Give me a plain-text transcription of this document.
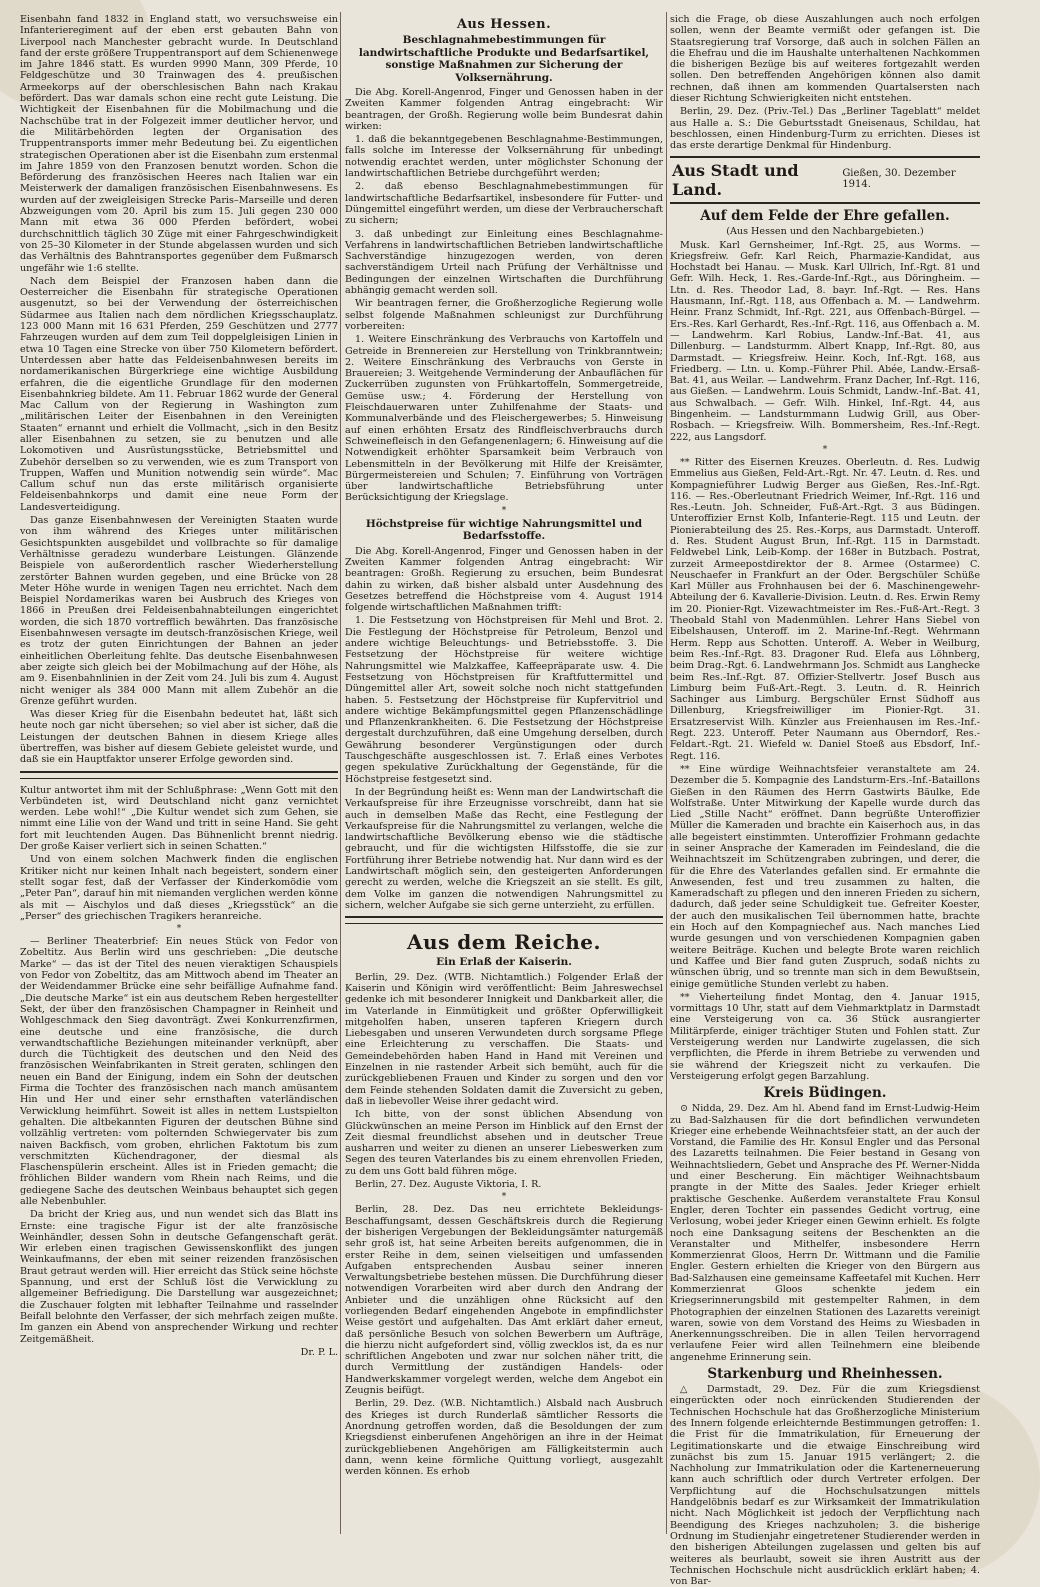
Eisenbahn fand 1832 in England statt, wo versuchsweise ein Infanterieregiment auf der eben erst gebauten Bahn von Liverpool nach Manchester gebracht wurde. In Deutschland fand der erste größere Truppentransport auf dem Schienenwege im Jahre 1846 statt. Es wurden 9990 Mann, 309 Pferde, 10 Feldgeschütze und 30 Trainwagen des 4. preußischen Armeekorps auf der oberschlesischen Bahn nach Krakau befördert. Das war damals schon eine recht gute Leistung. Die Wichtigkeit der Eisenbahnen für die Mobilmachung und die Nachschübe trat in der Folgezeit immer deutlicher hervor, und die Militärbehörden legten der Organisation des Truppentransports immer mehr Bedeutung bei. Zu eigentlichen strategischen Operationen aber ist die Eisenbahn zum erstenmal im Jahre 1859 von den Franzosen benutzt worden. Schon die Beförderung des französischen Heeres nach Italien war ein Meisterwerk der damaligen französischen Eisenbahnwesens. Es wurden auf der zweigleisigen Strecke Paris–Marseille und deren Abzweigungen vom 20. April bis zum 15. Juli gegen 230 000 Mann mit etwa 36 000 Pferden befördert, wobei durchschnittlich täglich 30 Züge mit einer Fahrgeschwindigkeit von 25–30 Kilometer in der Stunde abgelassen wurden und sich das Verhältnis des Bahntransportes gegenüber dem Fußmarsch ungefähr wie 1:6 stellte.

Nach dem Beispiel der Franzosen haben dann die Oesterreicher die Eisenbahn für strategische Operationen ausgenutzt, so bei der Verwendung der österreichischen Südarmee aus Italien nach dem nördlichen Kriegsschauplatz. 123 000 Mann mit 16 631 Pferden, 259 Geschützen und 2777 Fahrzeugen wurden auf dem zum Teil doppelgleisigen Linien in etwa 10 Tagen eine Strecke von über 750 Kilometern befördert. Unterdessen aber hatte das Feldeisenbahnwesen bereits im nordamerikanischen Bürgerkriege eine wichtige Ausbildung erfahren, die die eigentliche Grundlage für den modernen Eisenbahnkrieg bildete. Am 11. Februar 1862 wurde der General Mac Callum von der Regierung in Washington zum „militärischen Leiter der Eisenbahnen in den Vereinigten Staaten“ ernannt und erhielt die Vollmacht, „sich in den Besitz aller Eisenbahnen zu setzen, sie zu benutzen und alle Lokomotiven und Ausrüstungsstücke, Betriebsmittel und Zubehör derselben so zu verwenden, wie es zum Transport von Truppen, Waffen und Munition notwendig sein würde“. Mac Callum schuf nun das erste militärisch organisierte Feldeisenbahnkorps und damit eine neue Form der Landesverteidigung.

Das ganze Eisenbahnwesen der Vereinigten Staaten wurde von ihm während des Krieges unter militärischen Gesichtspunkten ausgebildet und vollbrachte so für damalige Verhältnisse geradezu wunderbare Leistungen. Glänzende Beispiele von außerordentlich rascher Wiederherstellung zerstörter Bahnen wurden gegeben, und eine Brücke von 28 Meter Höhe wurde in wenigen Tagen neu errichtet. Nach dem Beispiel Nordamerikas waren bei Ausbruch des Krieges von 1866 in Preußen drei Feldeisenbahnabteilungen eingerichtet worden, die sich 1870 vortrefflich bewährten. Das französische Eisenbahnwesen versagte im deutsch-französischen Kriege, weil es trotz der guten Einrichtungen der Bahnen an jeder einheitlichen Oberleitung fehlte. Das deutsche Eisenbahnwesen aber zeigte sich gleich bei der Mobilmachung auf der Höhe, als am 9. Eisenbahnlinien in der Zeit vom 24. Juli bis zum 4. August nicht weniger als 384 000 Mann mit allem Zubehör an die Grenze geführt wurden.

Was dieser Krieg für die Eisenbahn bedeutet hat, läßt sich heute noch gar nicht übersehen; so viel aber ist sicher, daß die Leistungen der deutschen Bahnen in diesem Kriege alles übertreffen, was bisher auf diesem Gebiete geleistet wurde, und daß sie ein Hauptfaktor unserer Erfolge geworden sind.

Kultur antwortet ihm mit der Schlußphrase: „Wenn Gott mit den Verbündeten ist, wird Deutschland nicht ganz vernichtet werden. Lebe wohl!“ „Die Kultur wendet sich zum Gehen, sie nimmt eine Lilie von der Wand und tritt in seine Hand. Sie geht fort mit leuchtenden Augen. Das Bühnenlicht brennt niedrig. Der große Kaiser verliert sich in seinen Schatten.“

Und von einem solchen Machwerk finden die englischen Kritiker nicht nur keinen Inhalt nach begeistert, sondern einer stellt sogar fest, daß der Verfasser der Kinderkomödie vom „Peter Pan“, darauf hin mit niemanden verglichen werden könne als mit — Aischylos und daß dieses „Kriegsstück“ an die „Perser“ des griechischen Tragikers heranreiche.

*

— Berliner Theaterbrief: Ein neues Stück von Fedor von Zobeltitz. Aus Berlin wird uns geschrieben: „Die deutsche Marke“ — das ist der Titel des neuen vieraktigen Schauspiels von Fedor von Zobeltitz, das am Mittwoch abend im Theater an der Weidendammer Brücke eine sehr beifällige Aufnahme fand. „Die deutsche Marke“ ist ein aus deutschem Reben hergestellter Sekt, der über den französischen Champagner in Reinheit und Wohlgeschmack den Sieg davonträgt. Zwei Konkurrenzfirmen, eine deutsche und eine französische, die durch verwandtschaftliche Beziehungen miteinander verknüpft, aber durch die Tüchtigkeit des deutschen und den Neid des französischen Weinfabrikanten in Streit geraten, schlingen den neuen ein Band der Einigung, indem ein Sohn der deutschen Firma die Tochter des französischen nach manch amüsantem Hin und Her und einer sehr ernsthaften vaterländischen Verwicklung heimführt. Soweit ist alles in nettem Lustspielton gehalten. Die altbekannten Figuren der deutschen Bühne sind vollzählig vertreten: vom polternden Schwiegervater bis zum naiven Backfisch, vom groben, ehrlichen Faktotum bis zum verschmitzten Küchendragoner, der diesmal als Flaschenspülerin erscheint. Alles ist in Frieden gemacht; die fröhlichen Bilder wandern vom Rhein nach Reims, und die gediegene Sache des deutschen Weinbaus behauptet sich gegen alle Nebenbuhler.

Da bricht der Krieg aus, und nun wendet sich das Blatt ins Ernste: eine tragische Figur ist der alte französische Weinhändler, dessen Sohn in deutsche Gefangenschaft gerät. Wir erleben einen tragischen Gewissenskonflikt des jungen Weinkaufmanns, der eben mit seiner reizenden französischen Braut getraut werden will. Hier erreicht das Stück seine höchste Spannung, und erst der Schluß löst die Verwicklung zu allgemeiner Befriedigung. Die Darstellung war ausgezeichnet; die Zuschauer folgten mit lebhafter Teilnahme und rasselnder Beifall belohnte den Verfasser, der sich mehrfach zeigen mußte. Im ganzen ein Abend von ansprechender Wirkung und rechter Zeitgemäßheit.

Dr. P. L.

Aus Hessen.
Beschlagnahmebestimmungen für landwirtschaftliche Produkte und Bedarfsartikel, sonstige Maßnahmen zur Sicherung der Volksernährung.

Die Abg. Korell-Angenrod, Finger und Genossen haben in der Zweiten Kammer folgenden Antrag eingebracht: Wir beantragen, der Großh. Regierung wolle beim Bundesrat dahin wirken:

1. daß die bekanntgegebenen Beschlagnahme-Bestimmungen, falls solche im Interesse der Volksernährung für unbedingt notwendig erachtet werden, unter möglichster Schonung der landwirtschaftlichen Betriebe durchgeführt werden;

2. daß ebenso Beschlagnahmebestimmungen für landwirtschaftliche Bedarfsartikel, insbesondere für Futter- und Düngemittel eingeführt werden, um diese der Verbraucherschaft zu sichern;

3. daß unbedingt zur Einleitung eines Beschlagnahme-Verfahrens in landwirtschaftlichen Betrieben landwirtschaftliche Sachverständige hinzugezogen werden, von deren sachverständigem Urteil nach Prüfung der Verhältnisse und Bedingungen der einzelnen Wirtschaften die Durchführung abhängig gemacht werden soll.

Wir beantragen ferner, die Großherzogliche Regierung wolle selbst folgende Maßnahmen schleunigst zur Durchführung vorbereiten:

1. Weitere Einschränkung des Verbrauchs von Kartoffeln und Getreide in Brennereien zur Herstellung von Trinkbranntwein; 2. Weitere Einschränkung des Verbrauchs von Gerste in Brauereien; 3. Weitgehende Verminderung der Anbauflächen für Zuckerrüben zugunsten von Frühkartoffeln, Sommergetreide, Gemüse usw.; 4. Förderung der Herstellung von Fleischdauerwaren unter Zuhilfenahme der Staats- und Kommunalverbände und des Fleischergewerbes; 5. Hinweisung auf einen erhöhten Ersatz des Rindfleischverbrauchs durch Schweinefleisch in den Gefangenenlagern; 6. Hinweisung auf die Notwendigkeit erhöhter Sparsamkeit beim Verbrauch von Lebensmitteln in der Bevölkerung mit Hilfe der Kreisämter, Bürgermeistereien und Schulen; 7. Einführung von Vorträgen über landwirtschaftliche Betriebsführung unter Berücksichtigung der Kriegslage.

*
Höchstpreise für wichtige Nahrungsmittel und Bedarfsstoffe.

Die Abg. Korell-Angenrod, Finger und Genossen haben in der Zweiten Kammer folgenden Antrag eingebracht: Wir beantragen: Großh. Regierung zu ersuchen, beim Bundesrat dahin zu wirken, daß bisher alsbald unter Ausdehnung des Gesetzes betreffend die Höchstpreise vom 4. August 1914 folgende wirtschaftlichen Maßnahmen trifft:

1. Die Festsetzung von Höchstpreisen für Mehl und Brot. 2. Die Festlegung der Höchstpreise für Petroleum, Benzol und andere wichtige Beleuchtungs- und Betriebsstoffe. 3. Die Festsetzung der Höchstpreise für weitere wichtige Nahrungsmittel wie Malzkaffee, Kaffeepräparate usw. 4. Die Festsetzung von Höchstpreisen für Kraftfuttermittel und Düngemittel aller Art, soweit solche noch nicht stattgefunden haben. 5. Festsetzung der Höchstpreise für Kupfervitriol und andere wichtige Bekämpfungsmittel gegen Pflanzenschädlinge und Pflanzenkrankheiten. 6. Die Festsetzung der Höchstpreise dergestalt durchzuführen, daß eine Umgehung derselben, durch Gewährung besonderer Vergünstigungen oder durch Tauschgeschäfte ausgeschlossen ist. 7. Erlaß eines Verbotes gegen spekulative Zurückhaltung der Gegenstände, für die Höchstpreise festgesetzt sind.

In der Begründung heißt es: Wenn man der Landwirtschaft die Verkaufspreise für ihre Erzeugnisse vorschreibt, dann hat sie auch in demselben Maße das Recht, eine Festlegung der Verkaufspreise für die Nahrungsmittel zu verlangen, welche die landwirtschaftliche Bevölkerung ebenso wie die städtische gebraucht, und für die wichtigsten Hilfsstoffe, die sie zur Fortführung ihrer Betriebe notwendig hat. Nur dann wird es der Landwirtschaft möglich sein, den gesteigerten Anforderungen gerecht zu werden, welche die Kriegszeit an sie stellt. Es gilt, dem Volke im ganzen die notwendigen Nahrungsmittel zu sichern, welcher Aufgabe sie sich gerne unterzieht, zu erfüllen.

Aus dem Reiche.
Ein Erlaß der Kaiserin.

Berlin, 29. Dez. (WTB. Nichtamtlich.) Folgender Erlaß der Kaiserin und Königin wird veröffentlicht: Beim Jahreswechsel gedenke ich mit besonderer Innigkeit und Dankbarkeit aller, die im Vaterlande in Einmütigkeit und größter Opferwilligkeit mitgeholfen haben, unseren tapferen Kriegern durch Liebesgaben und unseren Verwundeten durch sorgsame Pflege eine Erleichterung zu verschaffen. Die Staats- und Gemeindebehörden haben Hand in Hand mit Vereinen und Einzelnen in nie rastender Arbeit sich bemüht, auch für die zurückgebliebenen Frauen und Kinder zu sorgen und den vor dem Feinde stehenden Soldaten damit die Zuversicht zu geben, daß in liebevoller Weise ihrer gedacht wird.

Ich bitte, von der sonst üblichen Absendung von Glückwünschen an meine Person im Hinblick auf den Ernst der Zeit diesmal freundlichst absehen und in deutscher Treue ausharren und weiter zu dienen an unserer Liebeswerken zum Segen des teuren Vaterlandes bis zu einem ehrenvollen Frieden, zu dem uns Gott bald führen möge.

Berlin, 27. Dez. Auguste Viktoria, I. R.

*

Berlin, 28. Dez. Das neu errichtete Bekleidungs-Beschaffungsamt, dessen Geschäftskreis durch die Regierung der bisherigen Vergebungen der Bekleidungsämter naturgemäß sehr groß ist, hat seine Arbeiten bereits aufgenommen, die in erster Reihe in dem, seinen vielseitigen und umfassenden Aufgaben entsprechenden Ausbau seiner inneren Verwaltungsbetriebe bestehen müssen. Die Durchführung dieser notwendigen Vorarbeiten wird aber durch den Andrang der Anbieter und die unzähligen ohne Rücksicht auf den vorliegenden Bedarf eingehenden Angebote in empfindlichster Weise gestört und aufgehalten. Das Amt erklärt daher erneut, daß persönliche Besuch von solchen Bewerbern um Aufträge, die hierzu nicht aufgefordert sind, völlig zwecklos ist, da es nur schriftlichen Angeboten und zwar nur solchen näher tritt, die durch Vermittlung der zuständigen Handels- oder Handwerkskammer vorgelegt werden, welche dem Angebot ein Zeugnis beifügt.

Berlin, 29. Dez. (W.B. Nichtamtlich.) Alsbald nach Ausbruch des Krieges ist durch Runderlaß sämtlicher Ressorts die Anordnung getroffen worden, daß die Besoldungen der zum Kriegsdienst einberufenen Angehörigen an ihre in der Heimat zurückgebliebenen Angehörigen am Fälligkeitstermin auch dann, wenn keine förmliche Quittung vorliegt, ausgezahlt werden können. Es erhob

sich die Frage, ob diese Auszahlungen auch noch erfolgen sollen, wenn der Beamte vermißt oder gefangen ist. Die Staatsregierung traf Vorsorge, daß auch in solchen Fällen an die Ehefrau und die im Haushalte unterhaltenen Nachkommen die bisherigen Bezüge bis auf weiteres fortgezahlt werden sollen. Den betreffenden Angehörigen können also damit rechnen, daß ihnen am kommenden Quartalsersten nach dieser Richtung Schwierigkeiten nicht entstehen.

Berlin, 29. Dez. (Priv.-Tel.) Das „Berliner Tageblatt“ meldet aus Halle a. S.: Die Geburtsstadt Gneisenaus, Schildau, hat beschlossen, einen Hindenburg-Turm zu errichten. Dieses ist das erste derartige Denkmal für Hindenburg.

Aus Stadt und Land.
Gießen, 30. Dezember 1914.
Auf dem Felde der Ehre gefallen.
(Aus Hessen und den Nachbargebieten.)

Musk. Karl Gernsheimer, Inf.-Rgt. 25, aus Worms. — Kriegsfreiw. Gefr. Karl Reich, Pharmazie-Kandidat, aus Hochstadt bei Hanau. — Musk. Karl Ullrich, Inf.-Rgt. 81 und Gefr. Wilh. Heck, 1. Res.-Garde-Inf.-Rgt., aus Döringheim. — Ltn. d. Res. Theodor Lad, 8. bayr. Inf.-Rgt. — Res. Hans Hausmann, Inf.-Rgt. 118, aus Offenbach a. M. — Landwehrm. Heinr. Franz Schmidt, Inf.-Rgt. 221, aus Offenbach-Bürgel. — Ers.-Res. Karl Gerhardt, Res.-Inf.-Rgt. 116, aus Offenbach a. M. — Landwehrm. Karl Robius, Landw.-Inf.-Bat. 41, aus Dillenburg. — Landsturmm. Albert Knapp, Inf.-Rgt. 80, aus Darmstadt. — Kriegsfreiw. Heinr. Koch, Inf.-Rgt. 168, aus Friedberg. — Ltn. u. Komp.-Führer Phil. Abée, Landw.-Ersaß-Bat. 41, aus Weilar. — Landwehrm. Franz Dacher, Inf.-Rgt. 116, aus Gießen. — Landwehrm. Louis Schmidt, Landw.-Inf.-Bat. 41, aus Schwalbach. — Gefr. Wilh. Hinkel, Inf.-Rgt. 44, aus Bingenheim. — Landsturmmann Ludwig Grill, aus Ober-Rosbach. — Kriegsfreiw. Wilh. Bommersheim, Res.-Inf.-Regt. 222, aus Langsdorf.

*

** Ritter des Eisernen Kreuzes. Oberleutn. d. Res. Ludwig Emmelius aus Gießen, Feld-Art.-Rgt. Nr. 47. Leutn. d. Res. und Kompagnieführer Ludwig Berger aus Gießen, Res.-Inf.-Rgt. 116. — Res.-Oberleutnant Friedrich Weimer, Inf.-Rgt. 116 und Res.-Leutn. Joh. Schneider, Fuß-Art.-Rgt. 3 aus Büdingen. Unteroffizier Ernst Kolb, Infanterie-Regt. 115 und Leutn. der Pionierabteilung des 25. Res.-Korps, aus Darmstadt. Unteroff. d. Res. Student August Brun, Inf.-Rgt. 115 in Darmstadt. Feldwebel Link, Leib-Komp. der 168er in Butzbach. Postrat, zurzeit Armeepostdirektor der 8. Armee (Ostarmee) C. Neuschaefer in Frankfurt an der Oder. Bergschüler Schüße Karl Müller aus Frohnhausen bei der 6. Maschinengewehr-Abteilung der 6. Kavallerie-Division. Leutn. d. Res. Erwin Remy im 20. Pionier-Rgt. Vizewachtmeister im Res.-Fuß-Art.-Regt. 3 Theobald Stahl von Madenmühlen. Lehrer Hans Siebel von Eibelshausen, Unteroff. im 2. Marine-Inf.-Regt. Wehrmann Herm. Repp aus Schotten. Unteroff. A. Weber in Weilburg, beim Res.-Inf.-Rgt. 83. Dragoner Rud. Elefa aus Löhnberg, beim Drag.-Rgt. 6. Landwehrmann Jos. Schmidt aus Langhecke beim Res.-Inf.-Rgt. 87. Offizier-Stellvertr. Josef Busch aus Limburg beim Fuß-Art.-Regt. 3. Leutn. d. R. Heinrich Sachinger aus Limburg. Bergschüler Ernst Südhoff aus Dillenburg, Kriegsfreiwilliger im Pionier-Rgt. 31. Ersatzreservist Wilh. Künzler aus Freienhausen im Res.-Inf.-Regt. 223. Unteroff. Peter Naumann aus Oberndorf, Res.-Feldart.-Rgt. 21. Wiefeld w. Daniel Stoeß aus Ebsdorf, Inf.-Regt. 116.

** Eine würdige Weihnachtsfeier veranstaltete am 24. Dezember die 5. Kompagnie des Landsturm-Ers.-Inf.-Bataillons Gießen in den Räumen des Herrn Gastwirts Bäulke, Ede Wolfstraße. Unter Mitwirkung der Kapelle wurde durch das Lied „Stille Nacht“ eröffnet. Dann begrüßte Unteroffizier Müller die Kameraden und brachte ein Kaiserhoch aus, in das alle begeistert einstimmten. Unteroffizier Frohmann gedachte in seiner Ansprache der Kameraden im Feindesland, die die Weihnachtszeit im Schützengraben zubringen, und derer, die für die Ehre des Vaterlandes gefallen sind. Er ermahnte die Anwesenden, fest und treu zusammen zu halten, die Kameradschaft zu pflegen und den inneren Frieden zu sichern, dadurch, daß jeder seine Schuldigkeit tue. Gefreiter Koester, der auch den musikalischen Teil übernommen hatte, brachte ein Hoch auf den Kompagniechef aus. Nach manches Lied wurde gesungen und von verschiedenen Kompagnien gaben weitere Beiträge. Kuchen und belegte Brote waren reichlich und Kaffee und Bier fand guten Zuspruch, sodaß nichts zu wünschen übrig, und so trennte man sich in dem Bewußtsein, einige gemütliche Stunden verlebt zu haben.

** Vieherteilung findet Montag, den 4. Januar 1915, vormittags 10 Uhr, statt auf dem Viehmarktplatz in Darmstadt eine Versteigerung von ca. 36 Stück ausrangierter Militärpferde, einiger trächtiger Stuten und Fohlen statt. Zur Versteigerung werden nur Landwirte zugelassen, die sich verpflichten, die Pferde in ihrem Betriebe zu verwenden und sie während der Kriegszeit nicht zu verkaufen. Die Versteigerung erfolgt gegen Barzahlung.

Kreis Büdingen.

⊙ Nidda, 29. Dez. Am hl. Abend fand im Ernst-Ludwig-Heim zu Bad-Salzhausen für die dort befindlichen verwundeten Krieger eine erhebende Weihnachtsfeier statt, an der auch der Vorstand, die Familie des Hr. Konsul Engler und das Personal des Lazaretts teilnahmen. Die Feier bestand in Gesang von Weihnachtsliedern, Gebet und Ansprache des Pf. Werner-Nidda und einer Bescherung. Ein mächtiger Weihnachtsbaum prangte in der Mitte des Saales. Jeder Krieger erhielt praktische Geschenke. Außerdem veranstaltete Frau Konsul Engler, deren Tochter ein passendes Gedicht vortrug, eine Verlosung, wobei jeder Krieger einen Gewinn erhielt. Es folgte noch eine Danksagung seitens der Beschenkten an die Veranstalter und Mithelfer, insbesondere Herrn Kommerzienrat Gloos, Herrn Dr. Wittmann und die Familie Engler. Gestern erhielten die Krieger von den Bürgern aus Bad-Salzhausen eine gemeinsame Kaffeetafel mit Kuchen. Herr Kommerzienrat Gloos schenkte jedem ein Kriegserinnerungsbild mit gestempelter Rahmen, in dem Photographien der einzelnen Stationen des Lazaretts vereinigt waren, sowie von dem Vorstand des Heims zu Wiesbaden in Anerkennungsschreiben. Die in allen Teilen hervorragend verlaufene Feier wird allen Teilnehmern eine bleibende angenehme Erinnerung sein.

Starkenburg und Rheinhessen.

△ Darmstadt, 29. Dez. Für die zum Kriegsdienst eingerückten oder noch einrückenden Studierenden der Technischen Hochschule hat das Großherzogliche Ministerium des Innern folgende erleichternde Bestimmungen getroffen: 1. die Frist für die Immatrikulation, für Erneuerung der Legitimationskarte und die etwaige Einschreibung wird zunächst bis zum 15. Januar 1915 verlängert; 2. die Nachholung zur Immatrikulation oder die Kartenerneuerung kann auch schriftlich oder durch Vertreter erfolgen. Der Verpflichtung auf die Hochschulsatzungen mittels Handgelöbnis bedarf es zur Wirksamkeit der Immatrikulation nicht. Nach Möglichkeit ist jedoch der Verpflichtung nach Beendigung des Krieges nachzuholen; 3. die bisherige Ordnung im Studienjahr eingetretener Studierender werden in den bisherigen Abteilungen zugelassen und gelten bis auf weiteres als beurlaubt, soweit sie ihren Austritt aus der Technischen Hochschule nicht ausdrücklich erklärt haben; 4. von Bar-
